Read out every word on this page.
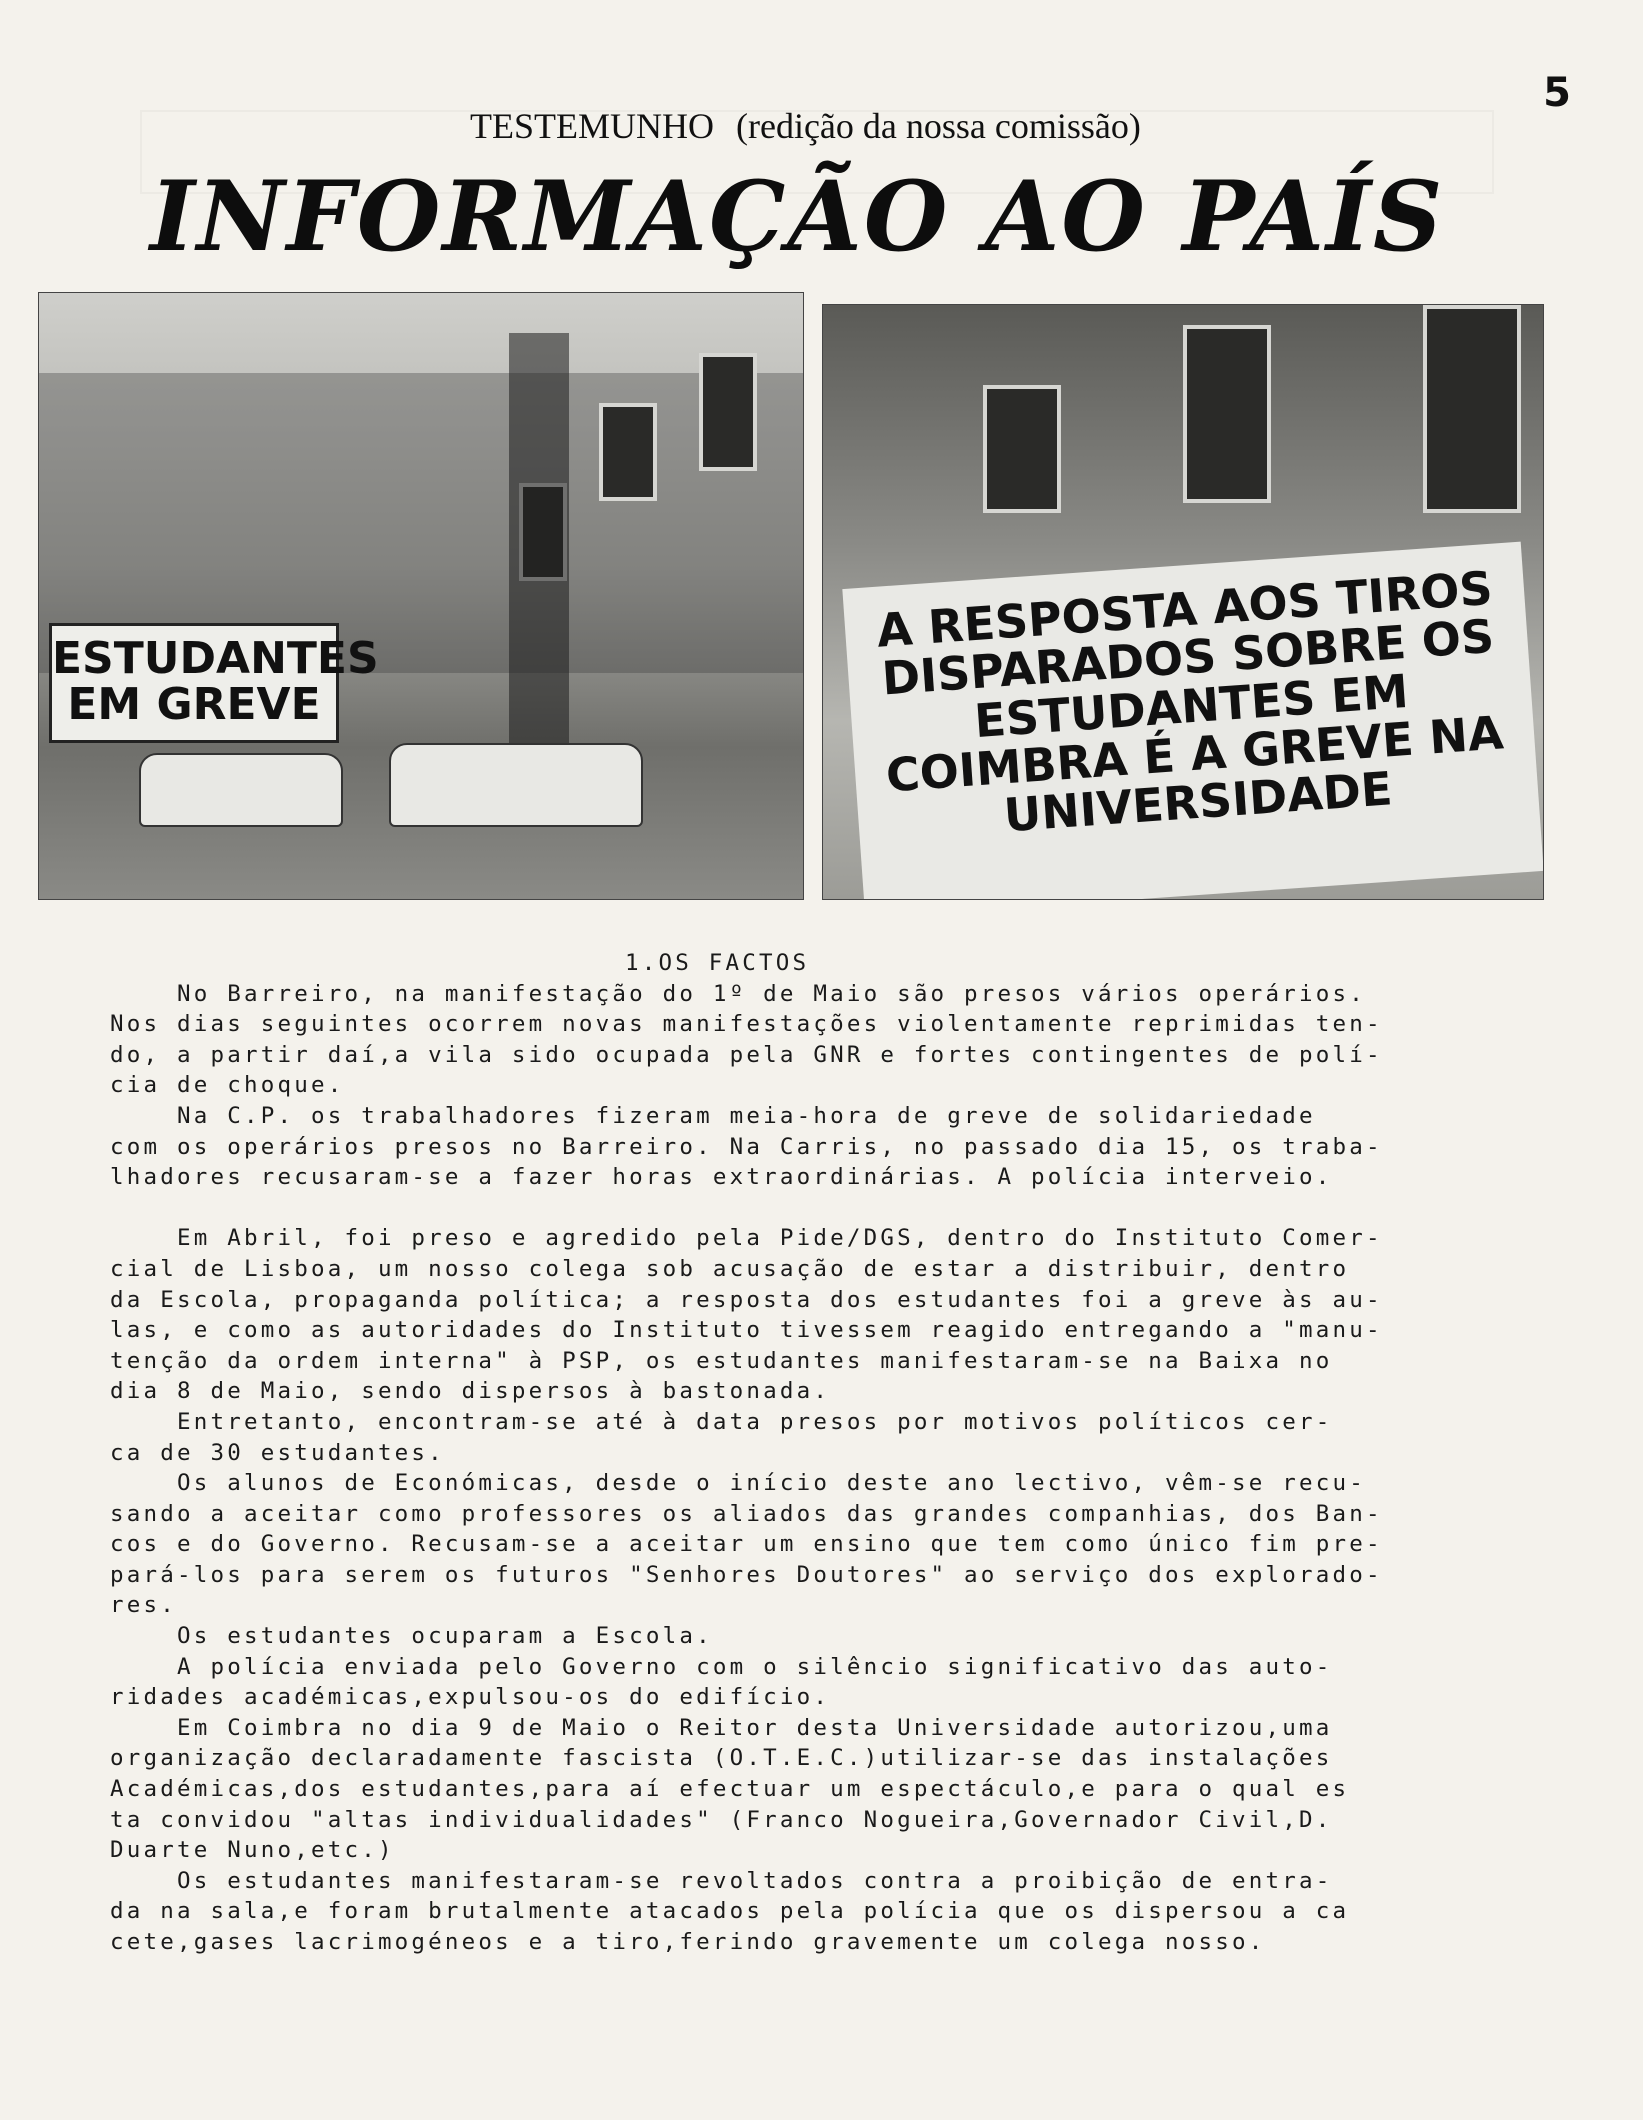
5
TESTEMUNHO (redição da nossa comissão)
INFORMAÇÃO AO PAÍS
ESTUDANTES EM GREVE
A RESPOSTA AOS TIROS DISPARADOS SOBRE OS ESTUDANTES EM COIMBRA É A GREVE NA UNIVERSIDADE
1.OS FACTOS
No Barreiro, na manifestação do 1º de Maio são presos vários operários.
Nos dias seguintes ocorrem novas manifestações violentamente reprimidas ten-
do, a partir daí,a vila sido ocupada pela GNR e fortes contingentes de polí-
cia de choque.
Na C.P. os trabalhadores fizeram meia-hora de greve de solidariedade
com os operários presos no Barreiro. Na Carris, no passado dia 15, os traba-
lhadores recusaram-se a fazer horas extraordinárias. A polícia interveio.

Em Abril, foi preso e agredido pela Pide/DGS, dentro do Instituto Comer-
cial de Lisboa, um nosso colega sob acusação de estar a distribuir, dentro
da Escola, propaganda política; a resposta dos estudantes foi a greve às au-
las, e como as autoridades do Instituto tivessem reagido entregando a "manu-
tenção da ordem interna" à PSP, os estudantes manifestaram-se na Baixa no
dia 8 de Maio, sendo dispersos à bastonada.
Entretanto, encontram-se até à data presos por motivos políticos cer-
ca de 30 estudantes.
Os alunos de Económicas, desde o início deste ano lectivo, vêm-se recu-
sando a aceitar como professores os aliados das grandes companhias, dos Ban-
cos e do Governo. Recusam-se a aceitar um ensino que tem como único fim pre-
pará-los para serem os futuros "Senhores Doutores" ao serviço dos explorado-
res.
Os estudantes ocuparam a Escola.
A polícia enviada pelo Governo com o silêncio significativo das auto-
ridades académicas,expulsou-os do edifício.
Em Coimbra no dia 9 de Maio o Reitor desta Universidade autorizou,uma
organização declaradamente fascista (O.T.E.C.)utilizar-se das instalações
Académicas,dos estudantes,para aí efectuar um espectáculo,e para o qual es
ta convidou "altas individualidades" (Franco Nogueira,Governador Civil,D.
Duarte Nuno,etc.)
Os estudantes manifestaram-se revoltados contra a proibição de entra-
da na sala,e foram brutalmente atacados pela polícia que os dispersou a ca
cete,gases lacrimogéneos e a tiro,ferindo gravemente um colega nosso.
